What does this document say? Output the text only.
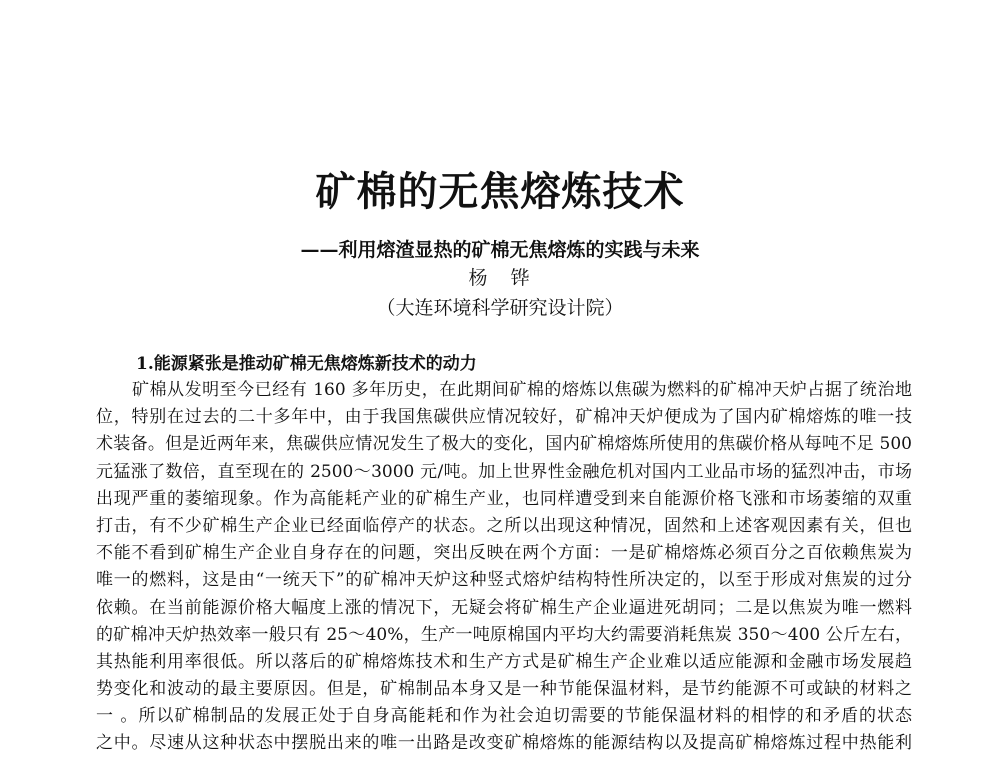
矿棉的无焦熔炼技术
——利用熔渣显热的矿棉无焦熔炼的实践与未来
杨　铧
（大连环境科学研究设计院）
1.能源紧张是推动矿棉无焦熔炼新技术的动力
矿棉从发明至今已经有 160 多年历史，在此期间矿棉的熔炼以焦碳为燃料的矿棉冲天炉占据了统治地
位，特别在过去的二十多年中，由于我国焦碳供应情况较好，矿棉冲天炉便成为了国内矿棉熔炼的唯一技
术装备。但是近两年来，焦碳供应情况发生了极大的变化，国内矿棉熔炼所使用的焦碳价格从每吨不足 500
元猛涨了数倍，直至现在的 2500～3000 元/吨。加上世界性金融危机对国内工业品市场的猛烈冲击，市场
出现严重的萎缩现象。作为高能耗产业的矿棉生产业，也同样遭受到来自能源价格飞涨和市场萎缩的双重
打击，有不少矿棉生产企业已经面临停产的状态。之所以出现这种情况，固然和上述客观因素有关，但也
不能不看到矿棉生产企业自身存在的问题，突出反映在两个方面：一是矿棉熔炼必须百分之百依赖焦炭为
唯一的燃料，这是由“一统天下”的矿棉冲天炉这种竖式熔炉结构特性所决定的，以至于形成对焦炭的过分
依赖。在当前能源价格大幅度上涨的情况下，无疑会将矿棉生产企业逼进死胡同；二是以焦炭为唯一燃料
的矿棉冲天炉热效率一般只有 25～40%，生产一吨原棉国内平均大约需要消耗焦炭 350～400 公斤左右，
其热能利用率很低。所以落后的矿棉熔炼技术和生产方式是矿棉生产企业难以适应能源和金融市场发展趋
势变化和波动的最主要原因。但是，矿棉制品本身又是一种节能保温材料，是节约能源不可或缺的材料之
一 。所以矿棉制品的发展正处于自身高能耗和作为社会迫切需要的节能保温材料的相悖的和矛盾的状态
之中。尽速从这种状态中摆脱出来的唯一出路是改变矿棉熔炼的能源结构以及提高矿棉熔炼过程中热能利
